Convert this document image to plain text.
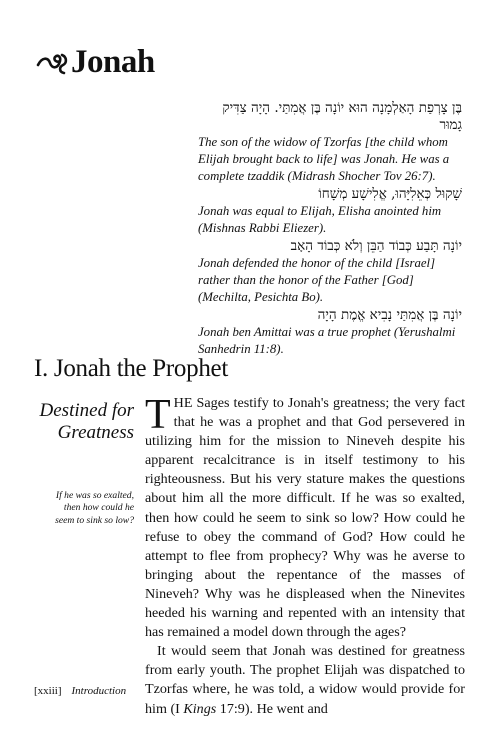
Jonah
בֶּן צָרְפַת הָאַלְמָנָה הוּא יוֹנָה בֶּן אֲמִתַּי. הָיָה צַדִּיק גָמוּר

The son of the widow of Tzorfas [the child whom Elijah brought back to life] was Jonah. He was a complete tzaddik (Midrash Shocher Tov 26:7).

שָׁקוּל כְּאֵלִיָּהוּ, אֱלִישָׁע מְשָׁחוֹ

Jonah was equal to Elijah, Elisha anointed him (Mishnas Rabbi Eliezer).

יוֹנָה תָּבַע כְּבוֹד הַבֵּן וְלֹא כְּבוֹד הָאָב

Jonah defended the honor of the child [Israel] rather than the honor of the Father [God] (Mechilta, Pesichta Bo).

יוֹנָה בֶּן אֲמִתַּי נָבִיא אֱמֶת הָיָה

Jonah ben Amittai was a true prophet (Yerushalmi Sanhedrin 11:8).

I. Jonah the Prophet
Destined for Greatness
If he was so exalted, then how could he seem to sink so low?

THE Sages testify to Jonah's greatness; the very fact that he was a prophet and that God persevered in utilizing him for the mission to Nineveh despite his apparent recalcitrance is in itself testimony to his righteousness. But his very stature makes the questions about him all the more difficult. If he was so exalted, then how could he seem to sink so low? How could he refuse to obey the command of God? How could he attempt to flee from prophecy? Why was he averse to bringing about the repentance of the masses of Nineveh? Why was he displeased when the Ninevites heeded his warning and repented with an intensity that has remained a model down through the ages?

It would seem that Jonah was destined for greatness from early youth. The prophet Elijah was dispatched to Tzorfas where, he was told, a widow would provide for him (I Kings 17:9). He went and

[xxiii] Introduction
